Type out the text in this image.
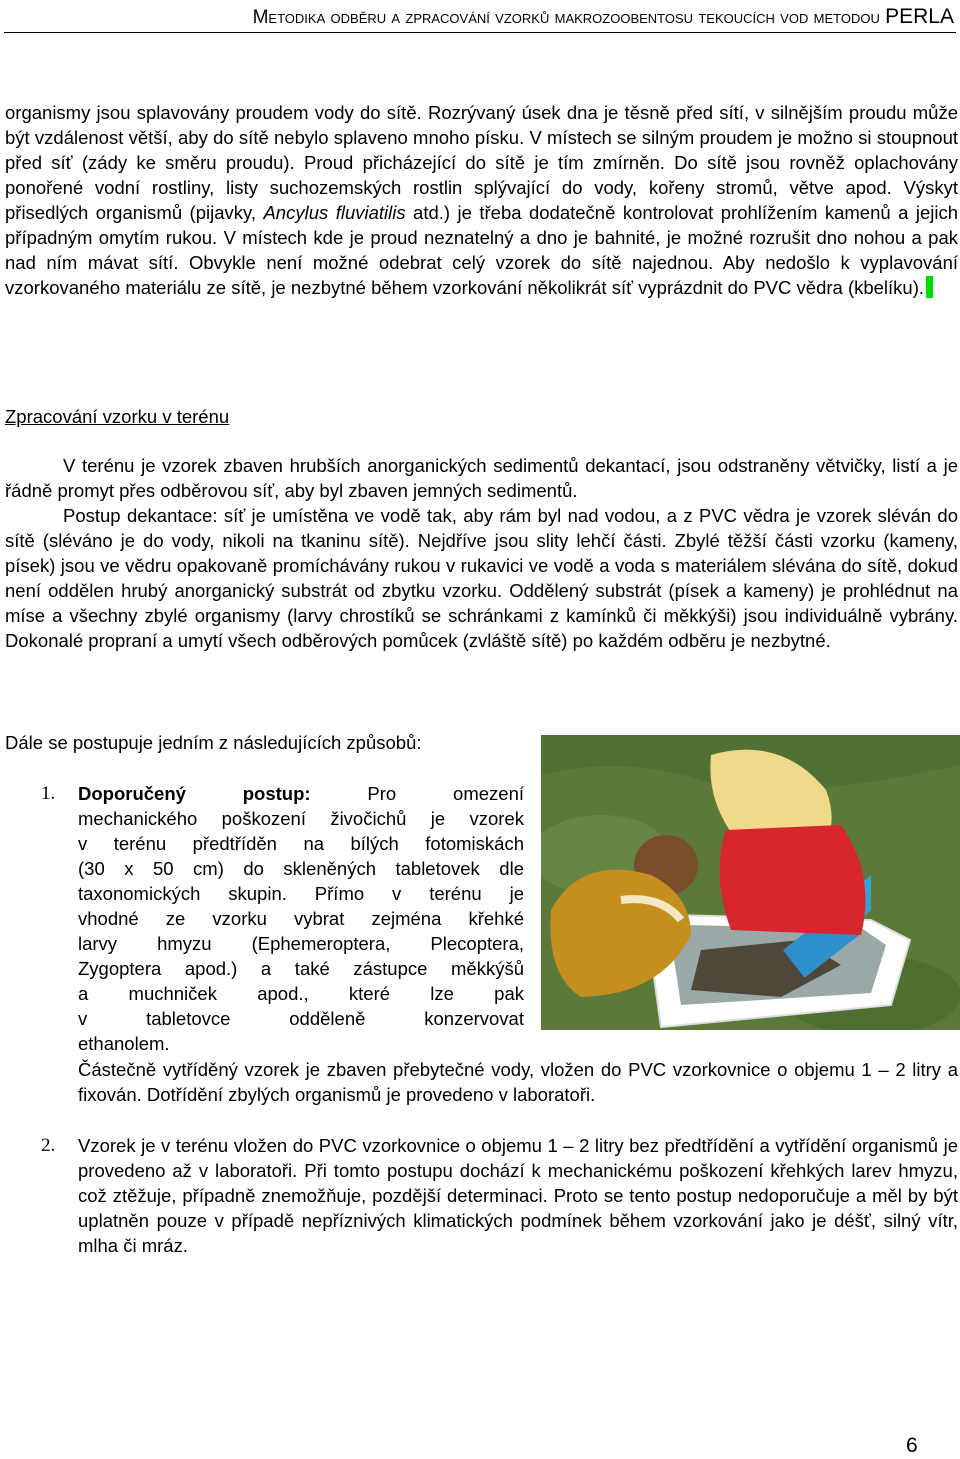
Metodika odběru a zpracování vzorků makrozoobentosu tekoucích vod metodou PERLA

organismy jsou splavovány proudem vody do sítě. Rozrývaný úsek dna je těsně před sítí, v silnějším proudu může být vzdálenost větší, aby do sítě nebylo splaveno mnoho písku. V místech se silným proudem je možno si stoupnout před síť (zády ke směru proudu). Proud přicházející do sítě je tím zmírněn. Do sítě jsou rovněž oplachovány ponořené vodní rostliny, listy suchozemských rostlin splývající do vody, kořeny stromů, větve apod. Výskyt přisedlých organismů (pijavky, Ancylus fluviatilis atd.) je třeba dodatečně kontrolovat prohlížením kamenů a jejich případným omytím rukou. V místech kde je proud neznatelný a dno je bahnité, je možné rozrušit dno nohou a pak nad ním mávat sítí. Obvykle není možné odebrat celý vzorek do sítě najednou. Aby nedošlo k vyplavování vzorkovaného materiálu ze sítě, je nezbytné během vzorkování několikrát síť vyprázdnit do PVC vědra (kbelíku).

Zpracování vzorku v terénu

V terénu je vzorek zbaven hrubších anorganických sedimentů dekantací, jsou odstraněny větvičky, listí a je řádně promyt přes odběrovou síť, aby byl zbaven jemných sedimentů.

Postup dekantace: síť je umístěna ve vodě tak, aby rám byl nad vodou, a z PVC vědra je vzorek sléván do sítě (sléváno je do vody, nikoli na tkaninu sítě). Nejdříve jsou slity lehčí části. Zbylé těžší části vzorku (kameny, písek) jsou ve vědru opakovaně promíchávány rukou v rukavici ve vodě a voda s materiálem slévána do sítě, dokud není oddělen hrubý anorganický substrát od zbytku vzorku. Oddělený substrát (písek a kameny) je prohlédnut na míse a všechny zbylé organismy (larvy chrostíků se schránkami z kamínků či měkkýši) jsou individuálně vybrány. Dokonalé propraní a umytí všech odběrových pomůcek (zvláště sítě) po každém odběru je nezbytné.

Dále se postupuje jedním z následujících způsobů:

1. Doporučený postup:	Pro omezení
mechanického poškození živočichů je vzorek
v terénu předtříděn na bílých fotomiskách
(30 x 50 cm) do skleněných tabletovek dle
taxonomických skupin. Přímo v terénu je
vhodné ze vzorku vybrat zejména křehké
larvy hmyzu (Ephemeroptera, Plecoptera,
Zygoptera apod.) a také zástupce měkkýšů
a muchniček apod., které lze pak
v tabletovce odděleně konzervovat
ethanolem.

Částečně vytříděný vzorek je zbaven přebytečné vody, vložen do PVC vzorkovnice o objemu 1 – 2 litry a fixován. Dotřídění zbylých organismů je provedeno v laboratoři.

2. Vzorek je v terénu vložen do PVC vzorkovnice o objemu 1 – 2 litry bez předtřídění a vytřídění organismů je provedeno až v laboratoři. Při tomto postupu dochází k mechanickému poškození křehkých larev hmyzu, což ztěžuje, případně znemožňuje, pozdější determinaci. Proto se tento postup nedoporučuje a měl by být uplatněn pouze v případě nepříznivých klimatických podmínek během vzorkování jako je déšť, silný vítr, mlha či mráz.

6
